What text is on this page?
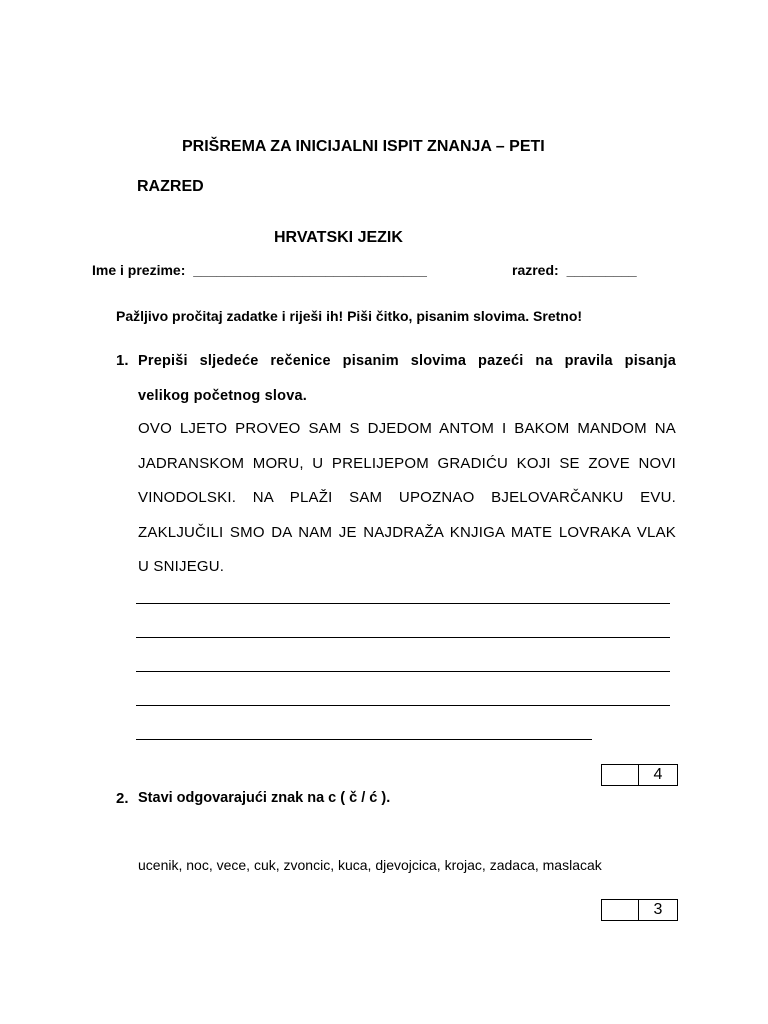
PRIŠREMA ZA INICIJALNI ISPIT ZNANJA – PETI
RAZRED
HRVATSKI JEZIK
Ime i prezime: ______________________________	razred: _________
Pažljivo pročitaj zadatke i riješi ih! Piši čitko, pisanim slovima. Sretno!
1. Prepiši sljedeće rečenice pisanim slovima pazeći na pravila pisanja
velikog početnog slova.
OVO LJETO PROVEO SAM S DJEDOM ANTOM I BAKOM MANDOM NA
JADRANSKOM MORU, U PRELIJEPOM GRADIĆU KOJI SE ZOVE NOVI
VINODOLSKI. NA PLAŽI SAM UPOZNAO BJELOVARČANKU EVU.
ZAKLJUČILI SMO DA NAM JE NAJDRAŽA KNJIGA MATE LOVRAKA VLAK
U SNIJEGU.
4
2. Stavi odgovarajući znak na c ( č / ć ).
ucenik, noc, vece, cuk, zvoncic, kuca, djevojcica, krojac, zadaca, maslacak
3
